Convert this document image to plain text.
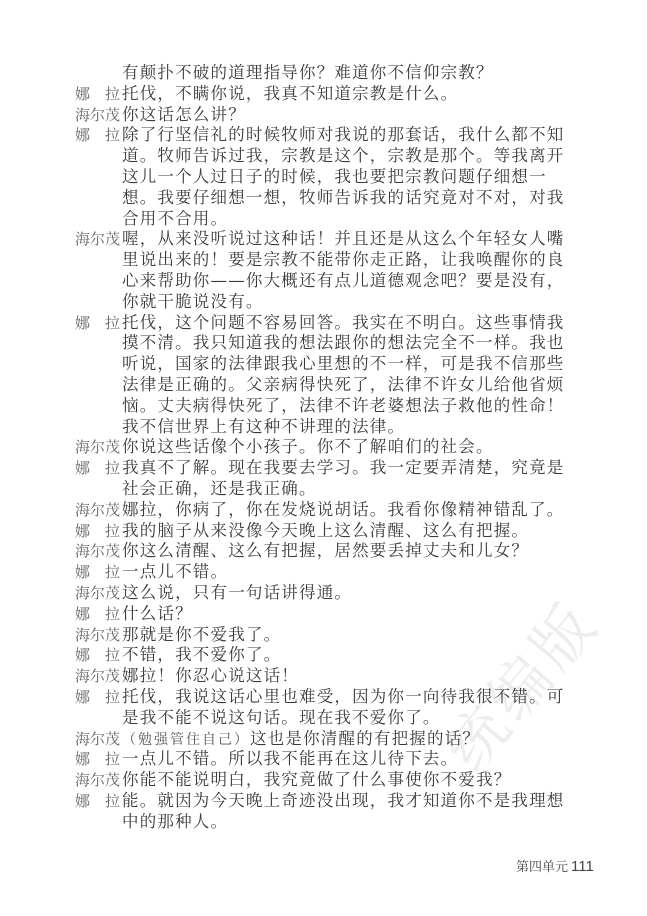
统编版
有颠扑不破的道理指导你？难道你不信仰宗教？
娜　拉 托伐，不瞒你说，我真不知道宗教是什么。
海尔茂 你这话怎么讲？
娜　拉 除了行坚信礼的时候牧师对我说的那套话，我什么都不知
道。牧师告诉过我，宗教是这个，宗教是那个。等我离开
这儿一个人过日子的时候，我也要把宗教问题仔细想一
想。我要仔细想一想，牧师告诉我的话究竟对不对，对我
合用不合用。
海尔茂 喔，从来没听说过这种话！并且还是从这么个年轻女人嘴
里说出来的！要是宗教不能带你走正路，让我唤醒你的良
心来帮助你——你大概还有点儿道德观念吧？要是没有，
你就干脆说没有。
娜　拉 托伐，这个问题不容易回答。我实在不明白。这些事情我
摸不清。我只知道我的想法跟你的想法完全不一样。我也
听说，国家的法律跟我心里想的不一样，可是我不信那些
法律是正确的。父亲病得快死了，法律不许女儿给他省烦
恼。丈夫病得快死了，法律不许老婆想法子救他的性命！
我不信世界上有这种不讲理的法律。
海尔茂 你说这些话像个小孩子。你不了解咱们的社会。
娜　拉 我真不了解。现在我要去学习。我一定要弄清楚，究竟是
社会正确，还是我正确。
海尔茂 娜拉，你病了，你在发烧说胡话。我看你像精神错乱了。
娜　拉 我的脑子从来没像今天晚上这么清醒、这么有把握。
海尔茂 你这么清醒、这么有把握，居然要丢掉丈夫和儿女？
娜　拉 一点儿不错。
海尔茂 这么说，只有一句话讲得通。
娜　拉 什么话？
海尔茂 那就是你不爱我了。
娜　拉 不错，我不爱你了。
海尔茂 娜拉！你忍心说这话！
娜　拉 托伐，我说这话心里也难受，因为你一向待我很不错。可
是我不能不说这句话。现在我不爱你了。
海尔茂 （勉强管住自己）这也是你清醒的有把握的话？
娜　拉 一点儿不错。所以我不能再在这儿待下去。
海尔茂 你能不能说明白，我究竟做了什么事使你不爱我？
娜　拉 能。就因为今天晚上奇迹没出现，我才知道你不是我理想
中的那种人。
第四单元 111
